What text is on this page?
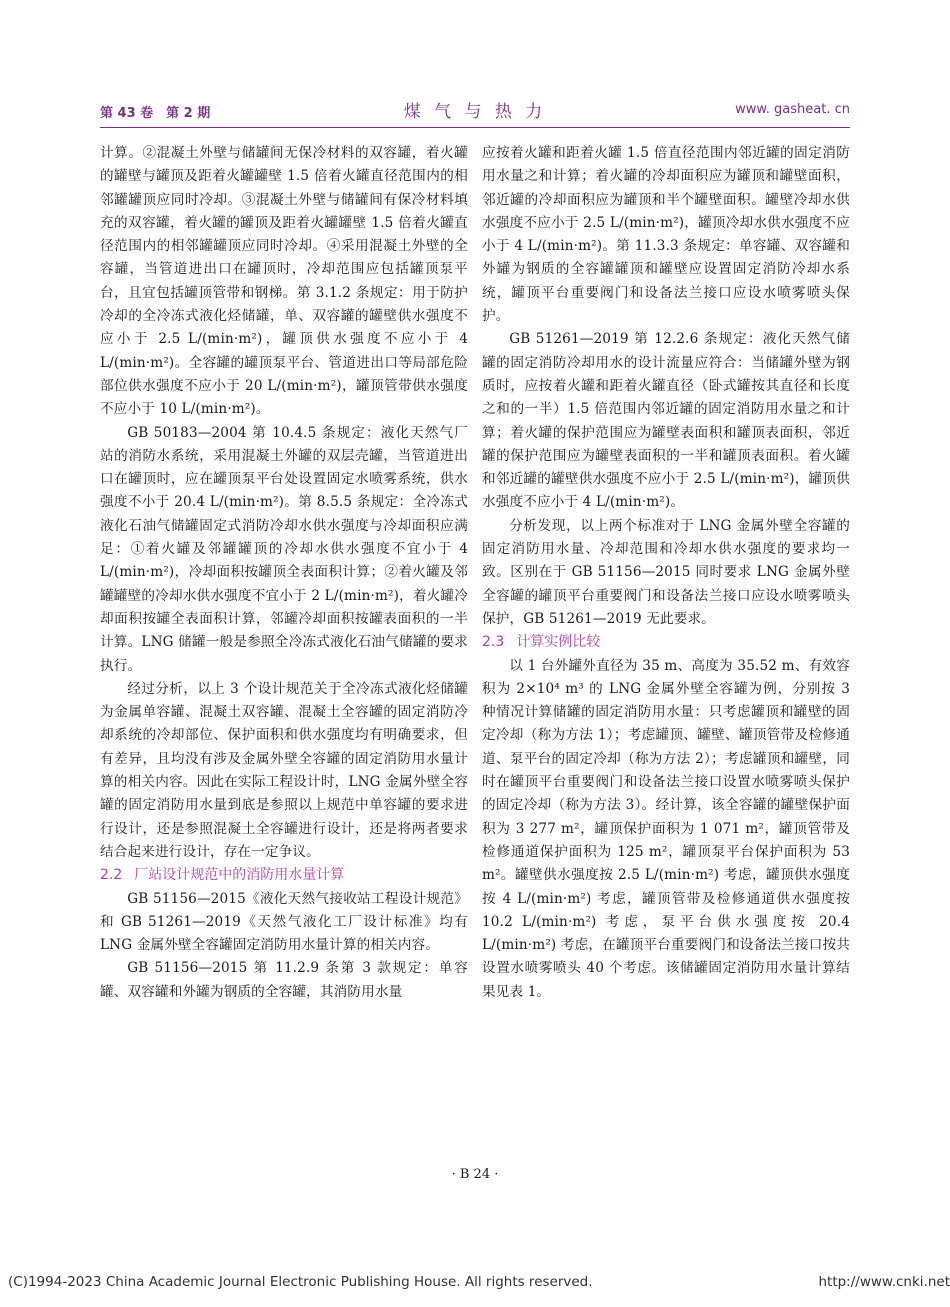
第 43 卷　第 2 期	煤 气 与 热 力	www. gasheat. cn

计算。②混凝土外壁与储罐间无保冷材料的双容罐，着火罐的罐壁与罐顶及距着火罐罐壁 1.5 倍着火罐直径范围内的相邻罐罐顶应同时冷却。③混凝土外壁与储罐间有保冷材料填充的双容罐，着火罐的罐顶及距着火罐罐壁 1.5 倍着火罐直径范围内的相邻罐罐顶应同时冷却。④采用混凝土外壁的全容罐，当管道进出口在罐顶时，冷却范围应包括罐顶泵平台，且宜包括罐顶管带和钢梯。第 3.1.2 条规定：用于防护冷却的全冷冻式液化烃储罐，单、双容罐的罐壁供水强度不应小于 2.5 L/(min·m²)，罐顶供水强度不应小于 4 L/(min·m²)。全容罐的罐顶泵平台、管道进出口等局部危险部位供水强度不应小于 20 L/(min·m²)，罐顶管带供水强度不应小于 10 L/(min·m²)。

GB 50183—2004 第 10.4.5 条规定：液化天然气厂站的消防水系统，采用混凝土外罐的双层壳罐，当管道进出口在罐顶时，应在罐顶泵平台处设置固定水喷雾系统，供水强度不小于 20.4 L/(min·m²)。第 8.5.5 条规定：全冷冻式液化石油气储罐固定式消防冷却水供水强度与冷却面积应满足：①着火罐及邻罐罐顶的冷却水供水强度不宜小于 4 L/(min·m²)，冷却面积按罐顶全表面积计算；②着火罐及邻罐罐壁的冷却水供水强度不宜小于 2 L/(min·m²)，着火罐冷却面积按罐全表面积计算，邻罐冷却面积按罐表面积的一半计算。LNG 储罐一般是参照全冷冻式液化石油气储罐的要求执行。

经过分析，以上 3 个设计规范关于全冷冻式液化烃储罐为金属单容罐、混凝土双容罐、混凝土全容罐的固定消防冷却系统的冷却部位、保护面积和供水强度均有明确要求，但有差异，且均没有涉及金属外壁全容罐的固定消防用水量计算的相关内容。因此在实际工程设计时，LNG 金属外壁全容罐的固定消防用水量到底是参照以上规范中单容罐的要求进行设计，还是参照混凝土全容罐进行设计，还是将两者要求结合起来进行设计，存在一定争议。

2.2 厂站设计规范中的消防用水量计算

GB 51156—2015《液化天然气接收站工程设计规范》和 GB 51261—2019《天然气液化工厂设计标准》均有 LNG 金属外壁全容罐固定消防用水量计算的相关内容。

GB 51156—2015 第 11.2.9 条第 3 款规定：单容罐、双容罐和外罐为钢质的全容罐，其消防用水量

应按着火罐和距着火罐 1.5 倍直径范围内邻近罐的固定消防用水量之和计算；着火罐的冷却面积应为罐顶和罐壁面积，邻近罐的冷却面积应为罐顶和半个罐壁面积。罐壁冷却水供水强度不应小于 2.5 L/(min·m²)，罐顶冷却水供水强度不应小于 4 L/(min·m²)。第 11.3.3 条规定：单容罐、双容罐和外罐为钢质的全容罐罐顶和罐壁应设置固定消防冷却水系统，罐顶平台重要阀门和设备法兰接口应设水喷雾喷头保护。

GB 51261—2019 第 12.2.6 条规定：液化天然气储罐的固定消防冷却用水的设计流量应符合：当储罐外壁为钢质时，应按着火罐和距着火罐直径（卧式罐按其直径和长度之和的一半）1.5 倍范围内邻近罐的固定消防用水量之和计算；着火罐的保护范围应为罐壁表面积和罐顶表面积，邻近罐的保护范围应为罐壁表面积的一半和罐顶表面积。着火罐和邻近罐的罐壁供水强度不应小于 2.5 L/(min·m²)，罐顶供水强度不应小于 4 L/(min·m²)。

分析发现，以上两个标准对于 LNG 金属外壁全容罐的固定消防用水量、冷却范围和冷却水供水强度的要求均一致。区别在于 GB 51156—2015 同时要求 LNG 金属外壁全容罐的罐顶平台重要阀门和设备法兰接口应设水喷雾喷头保护，GB 51261—2019 无此要求。

2.3 计算实例比较

以 1 台外罐外直径为 35 m、高度为 35.52 m、有效容积为 2×10⁴ m³ 的 LNG 金属外壁全容罐为例，分别按 3 种情况计算储罐的固定消防用水量：只考虑罐顶和罐壁的固定冷却（称为方法 1）；考虑罐顶、罐壁、罐顶管带及检修通道、泵平台的固定冷却（称为方法 2）；考虑罐顶和罐壁，同时在罐顶平台重要阀门和设备法兰接口设置水喷雾喷头保护的固定冷却（称为方法 3）。经计算，该全容罐的罐壁保护面积为 3 277 m²，罐顶保护面积为 1 071 m²，罐顶管带及检修通道保护面积为 125 m²，罐顶泵平台保护面积为 53 m²。罐壁供水强度按 2.5 L/(min·m²) 考虑，罐顶供水强度按 4 L/(min·m²) 考虑，罐顶管带及检修通道供水强度按 10.2 L/(min·m²) 考虑，泵平台供水强度按 20.4 L/(min·m²) 考虑，在罐顶平台重要阀门和设备法兰接口按共设置水喷雾喷头 40 个考虑。该储罐固定消防用水量计算结果见表 1。

· B 24 ·
(C)1994-2023 China Academic Journal Electronic Publishing House. All rights reserved.	http://www.cnki.net
